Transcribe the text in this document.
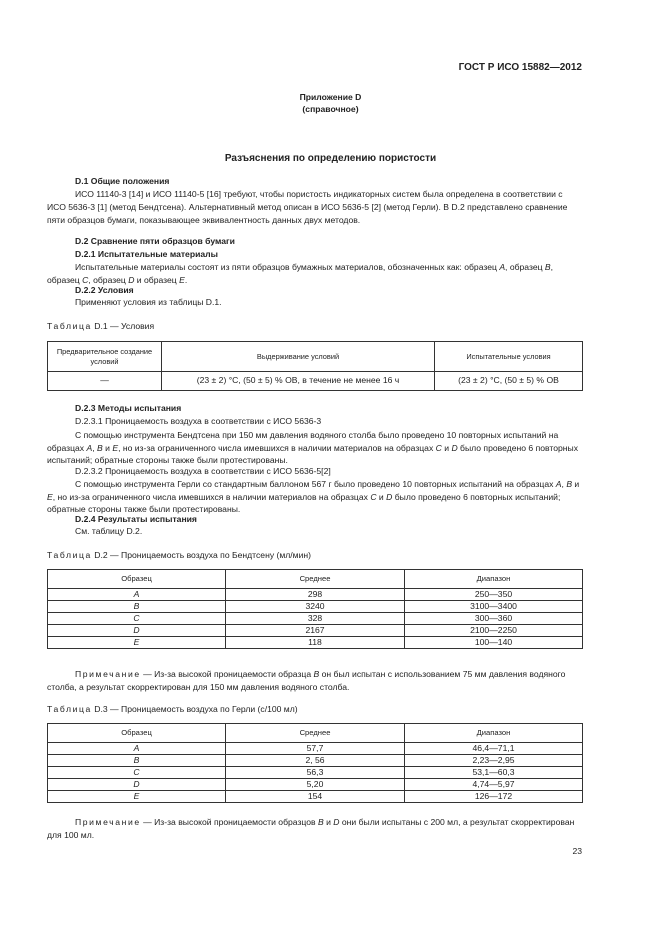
ГОСТ Р ИСО 15882—2012
Приложение D
(справочное)
Разъяснения по определению пористости
D.1 Общие положения
ИСО 11140-3 [14] и ИСО 11140-5 [16] требуют, чтобы пористость индикаторных систем была определена в соответствии с ИСО 5636-3 [1] (метод Бендтсена). Альтернативный метод описан в ИСО 5636-5 [2] (метод Герли). В D.2 представлено сравнение пяти образцов бумаги, показывающее эквивалентность данных двух методов.
D.2 Сравнение пяти образцов бумаги
D.2.1 Испытательные материалы
Испытательные материалы состоят из пяти образцов бумажных материалов, обозначенных как: образец A, образец B, образец C, образец D и образец E.
D.2.2 Условия
Применяют условия из таблицы D.1.
Таблица D.1 — Условия
Предварительное создание условий	Выдерживание условий	Испытательные условия
—	(23 ± 2) °С, (50 ± 5) % ОВ, в течение не менее 16 ч	(23 ± 2) °С, (50 ± 5) % ОВ
D.2.3 Методы испытания
D.2.3.1 Проницаемость воздуха в соответствии с ИСО 5636-3
С помощью инструмента Бендтсена при 150 мм давления водяного столба было проведено 10 повторных испытаний на образцах A, B и E, но из-за ограниченного числа имевшихся в наличии материалов на образцах C и D было проведено 6 повторных испытаний; обратные стороны также были протестированы.
D.2.3.2 Проницаемость воздуха в соответствии с ИСО 5636-5[2]
С помощью инструмента Герли со стандартным баллоном 567 г было проведено 10 повторных испытаний на образцах A, B и E, но из-за ограниченного числа имевшихся в наличии материалов на образцах C и D было проведено 6 повторных испытаний; обратные стороны также были протестированы.
D.2.4 Результаты испытания
См. таблицу D.2.
Таблица D.2 — Проницаемость воздуха по Бендтсену (мл/мин)
Образец	Среднее	Диапазон
A	298	250—350
B	3240	3100—3400
C	328	300—360
D	2167	2100—2250
E	118	100—140
Примечание — Из-за высокой проницаемости образца B он был испытан с использованием 75 мм давления водяного столба, а результат скорректирован для 150 мм давления водяного столба.
Таблица D.3 — Проницаемость воздуха по Герли (с/100 мл)
Образец	Среднее	Диапазон
A	57,7	46,4—71,1
B	2, 56	2,23—2,95
C	56,3	53,1—60,3
D	5,20	4,74—5,97
E	154	126—172
Примечание — Из-за высокой проницаемости образцов B и D они были испытаны с 200 мл, а результат скорректирован для 100 мл.
23
